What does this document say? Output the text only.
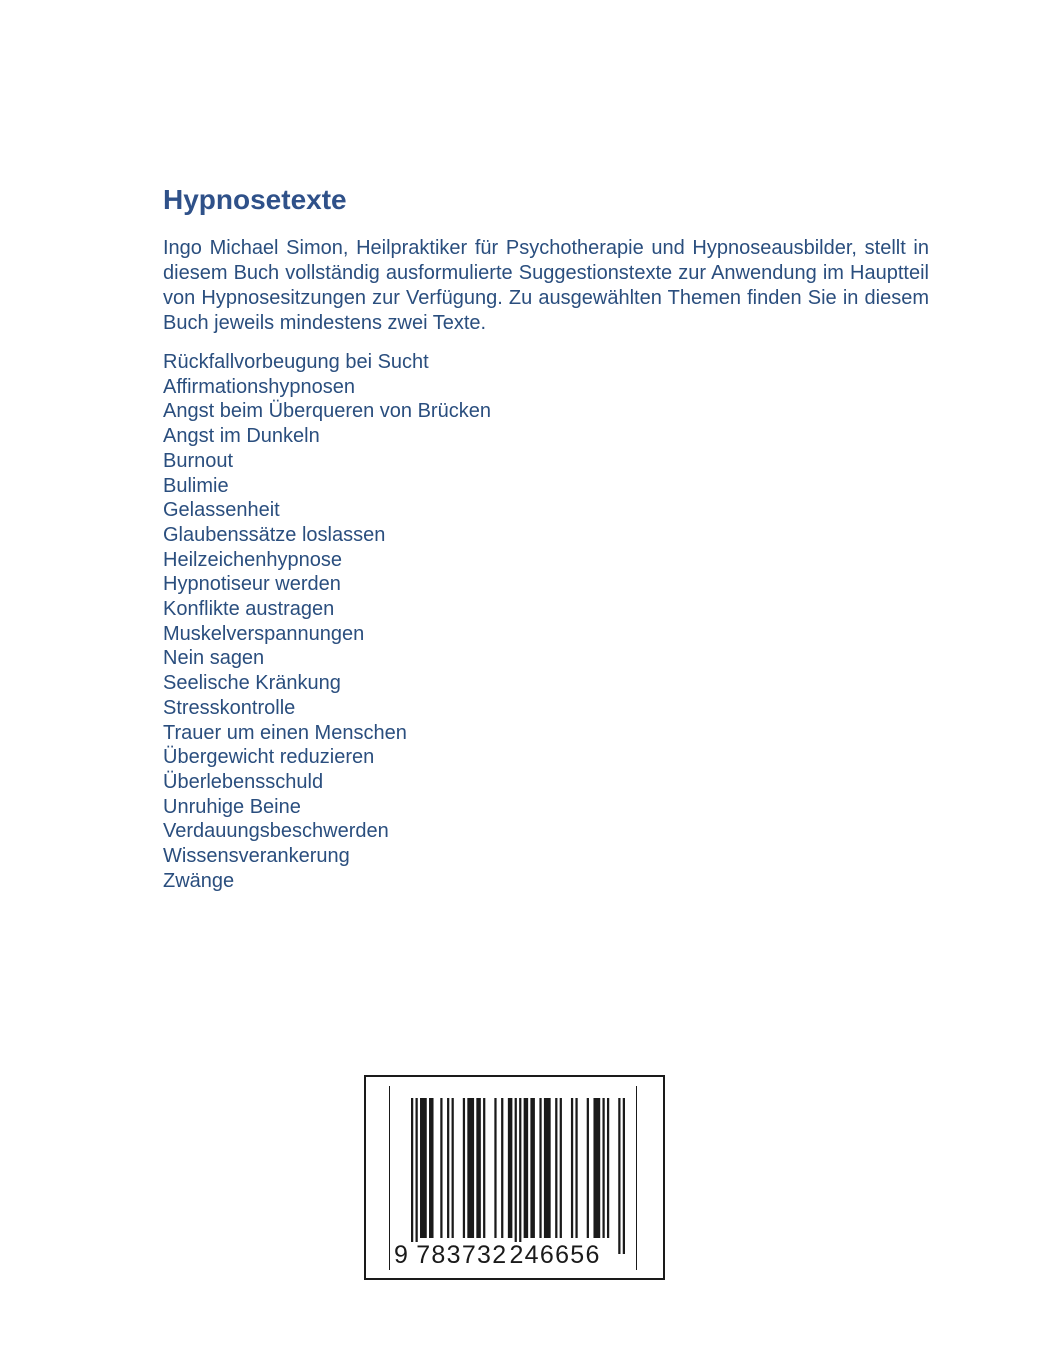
Hypnosetexte

Ingo Michael Simon, Heilpraktiker für Psychotherapie und Hypnoseausbilder, stellt in diesem Buch vollständig ausformulierte Suggestionstexte zur Anwendung im Hauptteil von Hypnosesitzungen zur Verfügung. Zu ausgewählten Themen finden Sie in diesem Buch jeweils mindestens zwei Texte.

Rückfallvorbeugung bei Sucht
Affirmationshypnosen
Angst beim Überqueren von Brücken
Angst im Dunkeln
Burnout
Bulimie
Gelassenheit
Glaubenssätze loslassen
Heilzeichenhypnose
Hypnotiseur werden
Konflikte austragen
Muskelverspannungen
Nein sagen
Seelische Kränkung
Stresskontrolle
Trauer um einen Menschen
Übergewicht reduzieren
Überlebensschuld
Unruhige Beine
Verdauungsbeschwerden
Wissensverankerung
Zwänge
9 783732246656
